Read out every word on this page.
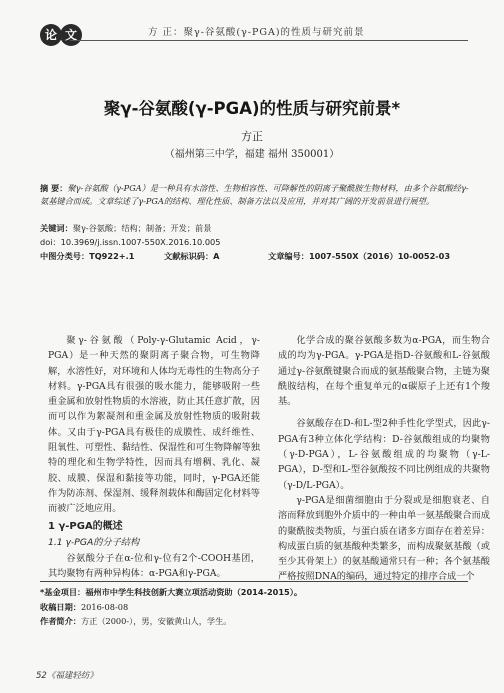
论 文	方 正：聚γ-谷氨酸(γ-PGA)的性质与研究前景
聚γ-谷氨酸(γ-PGA)的性质与研究前景*
方正
（福州第三中学，福建 福州 350001）
摘 要：聚γ-谷氨酸（γ-PGA）是一种具有水溶性、生物相容性、可降解性的阴离子聚酰胺生物材料，由多个谷氨酸经γ-氨基键合而成。文章综述了γ-PGA的结构、理化性质、制备方法以及应用，并对其广阔的开发前景进行展望。
关键词：聚γ-谷氨酸；结构；制备；开发；前景
doi：10.3969/j.issn.1007-550X.2016.10.005
中图分类号：TQ922+.1	文献标识码：A	文章编号：1007-550X（2016）10-0052-03

聚γ-谷氨酸（Poly-γ-Glutamic Acid，γ-PGA）是一种天然的聚阴离子聚合物，可生物降解，水溶性好，对环境和人体均无毒性的生物高分子材料。γ-PGA具有很强的吸水能力，能够吸附一些重金属和放射性物质的水溶液，防止其任意扩散，因而可以作为絮凝剂和重金属及放射性物质的吸附载体。又由于γ-PGA具有极佳的成膜性、成纤维性、阻氧性、可塑性、黏结性、保湿性和可生物降解等独特的理化和生物学特性，因而具有增稠、乳化、凝胶、成膜、保湿和黏接等功能，同时，γ-PGA还能作为防冻剂、保湿剂、缓释剂载体和酶固定化材料等而被广泛地应用。

1 γ-PGA的概述
1.1 γ-PGA的分子结构

谷氨酸分子在α-位和γ-位有2个-COOH基团，其均聚物有两种异构体：α-PGA和γ-PGA。

化学合成的聚谷氨酸多数为α-PGA，而生物合成的均为γ-PGA。γ-PGA是指D-谷氨酸和L-谷氨酸通过γ-谷氨酰键聚合而成的氨基酸聚合物，主链为聚酰胺结构，在每个重复单元的α碳原子上还有1个羧基。

谷氨酸存在D-和L-型2种手性化学型式，因此γ-PGA有3种立体化学结构：D-谷氨酸组成的均聚物（γ-D-PGA），L-谷氨酸组成的均聚物（γ-L-PGA），D-型和L-型谷氨酸按不同比例组成的共聚物（γ-D/L-PGA）。

γ-PGA是细菌细胞由于分裂或是细胞衰老、自溶而释放到胞外介质中的一种由单一氨基酸聚合而成的聚酰胺类物质，与蛋白质在诸多方面存在着差异：构成蛋白质的氨基酸种类繁多，而构成聚氨基酸（或至少其骨架上）的氨基酸通常只有一种；各个氨基酸严格按照DNA的编码，通过特定的排序合成一个

*基金项目：福州市中学生科技创新大赛立项活动资助（2014-2015）。
收稿日期：2016-08-08
作者简介：方正（2000-），男，安徽黄山人，学生。
52《福建轻纺》
